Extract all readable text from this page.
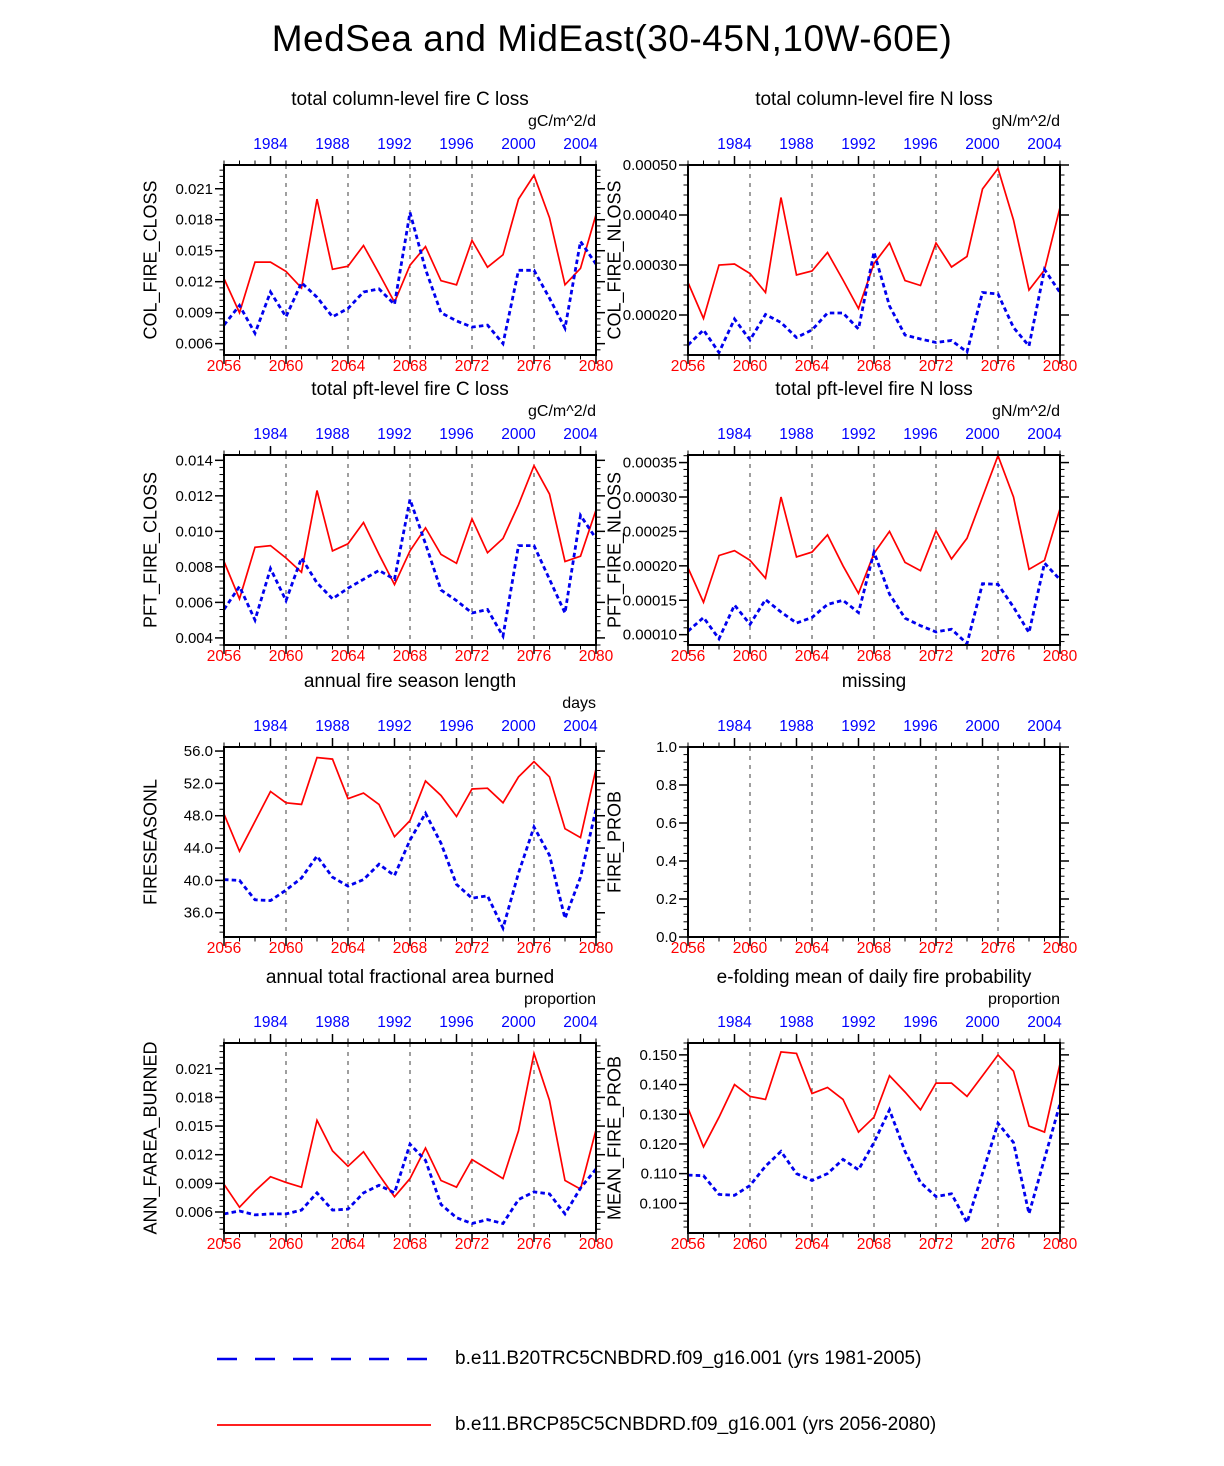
MedSea and MidEast(30-45N,10W-60E)
total column-level fire C loss
gC/m^2/d
COL_FIRE_CLOSS
2056 2060 2064 2068 2072 2076 2080
1984 1988 1992 1996 2000 2004
0.006
0.009
0.012
0.015
0.018
0.021
total column-level fire N loss
gN/m^2/d
COL_FIRE_NLOSS
2056 2060 2064 2068 2072 2076 2080
1984 1988 1992 1996 2000 2004
0.00020
0.00030
0.00040
0.00050
total pft-level fire C loss
gC/m^2/d
PFT_FIRE_CLOSS
2056 2060 2064 2068 2072 2076 2080
1984 1988 1992 1996 2000 2004
0.004
0.006
0.008
0.010
0.012
0.014
total pft-level fire N loss
gN/m^2/d
PFT_FIRE_NLOSS
2056 2060 2064 2068 2072 2076 2080
1984 1988 1992 1996 2000 2004
0.00010
0.00015
0.00020
0.00025
0.00030
0.00035
annual fire season length
days
FIRESEASONL
2056 2060 2064 2068 2072 2076 2080
1984 1988 1992 1996 2000 2004
36.0
40.0
44.0
48.0
52.0
56.0
missing
FIRE_PROB
2056 2060 2064 2068 2072 2076 2080
1984 1988 1992 1996 2000 2004
0.0
0.2
0.4
0.6
0.8
1.0
annual total fractional area burned
proportion
ANN_FAREA_BURNED
2056 2060 2064 2068 2072 2076 2080
1984 1988 1992 1996 2000 2004
0.006
0.009
0.012
0.015
0.018
0.021
e-folding mean of daily fire probability
proportion
MEAN_FIRE_PROB
2056 2060 2064 2068 2072 2076 2080
1984 1988 1992 1996 2000 2004
0.100
0.110
0.120
0.130
0.140
0.150
b.e11.B20TRC5CNBDRD.f09_g16.001 (yrs 1981-2005)
b.e11.BRCP85C5CNBDRD.f09_g16.001 (yrs 2056-2080)
